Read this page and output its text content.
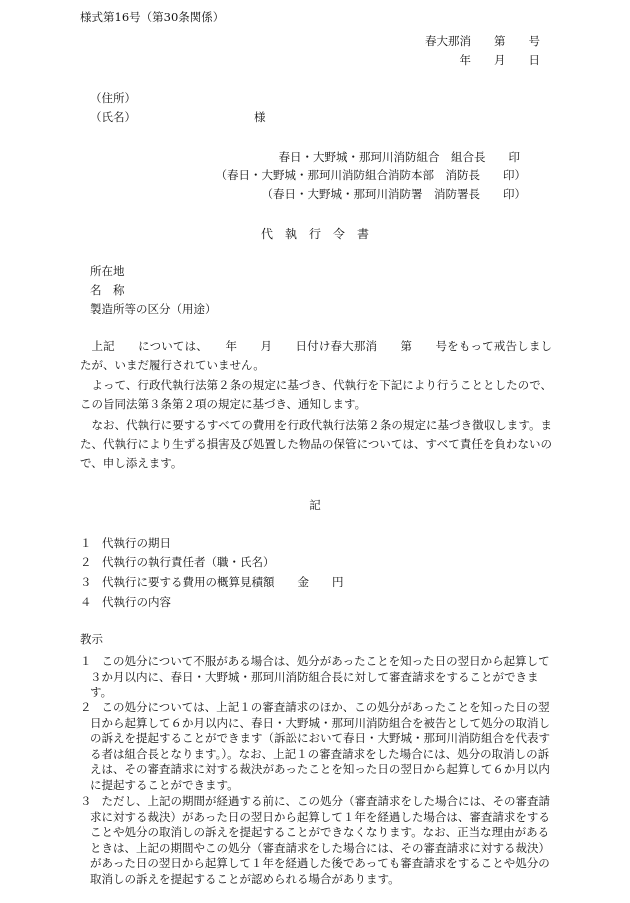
様式第16号（第30条関係）
春大那消　　第　　号
年　　月　　日
（住所）
（氏名）	様
春日・大野城・那珂川消防組合　組合長　　印
（春日・大野城・那珂川消防組合消防本部　消防長　　印）
（春日・大野城・那珂川消防署　消防署長　　印）
代　執　行　令　書
所在地
名　称
製造所等の区分（用途）
上記　　については、　　年　　月　　日付け春大那消　　第　　号をもって戒告しましたが、いまだ履行されていません。
よって、行政代執行法第２条の規定に基づき、代執行を下記により行うこととしたので、この旨同法第３条第２項の規定に基づき、通知します。
なお、代執行に要するすべての費用を行政代執行法第２条の規定に基づき徴収します。また、代執行により生ずる損害及び処置した物品の保管については、すべて責任を負わないので、申し添えます。
記
１ 代執行の期日
２ 代執行の執行責任者（職・氏名）
３ 代執行に要する費用の概算見積額　　金　　円
４ 代執行の内容
教示
１ この処分について不服がある場合は、処分があったことを知った日の翌日から起算して３か月以内に、春日・大野城・那珂川消防組合長に対して審査請求をすることができます。
２ この処分については、上記１の審査請求のほか、この処分があったことを知った日の翌日から起算して６か月以内に、春日・大野城・那珂川消防組合を被告として処分の取消しの訴えを提起することができます（訴訟において春日・大野城・那珂川消防組合を代表する者は組合長となります。）。なお、上記１の審査請求をした場合には、処分の取消しの訴えは、その審査請求に対する裁決があったことを知った日の翌日から起算して６か月以内に提起することができます。
３ ただし、上記の期間が経過する前に、この処分（審査請求をした場合には、その審査請求に対する裁決）があった日の翌日から起算して１年を経過した場合は、審査請求をすることや処分の取消しの訴えを提起することができなくなります。なお、正当な理由があるときは、上記の期間やこの処分（審査請求をした場合には、その審査請求に対する裁決）があった日の翌日から起算して１年を経過した後であっても審査請求をすることや処分の取消しの訴えを提起することが認められる場合があります。
